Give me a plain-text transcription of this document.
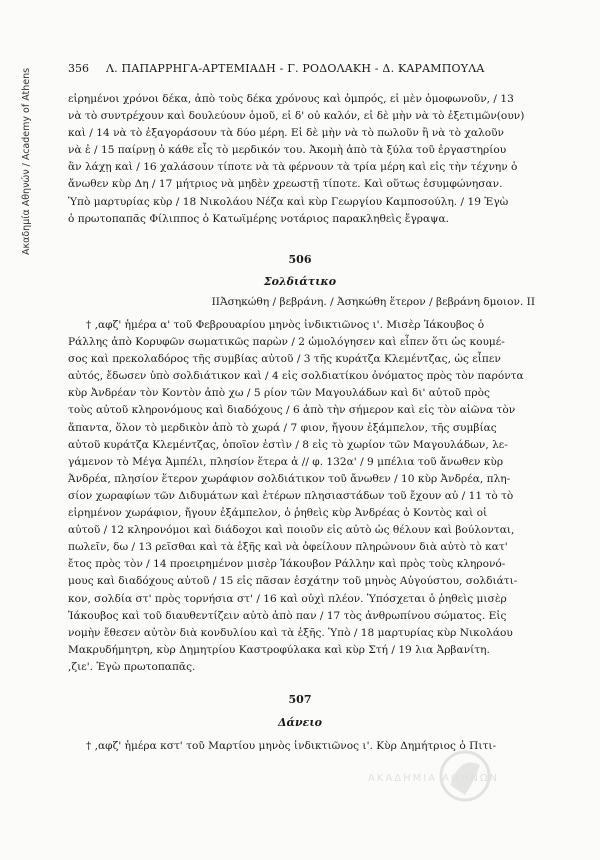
Ακαδημία Αθηνών / Academy of Athens	356 Λ. ΠΑΠΑΡΡΗΓΑ-ΑΡΤΕΜΙΑΔΗ - Γ. ΡΟΔΟΛΑΚΗ - Δ. ΚΑΡΑΜΠΟΥΛΑ
εἰρημένοι χρόνοι δέκα, ἀπὸ τοὺς δέκα χρόνους καὶ ὀμπρός, εἰ μὲν ὁμοφωνοῦν, / 13
νὰ τὸ συντρέχουν καὶ δουλεύουν ὁμοῦ, εἰ δ' οὐ καλόν, εἰ δὲ μὴν νὰ τὸ ἐξετιμῶν(ουν)
καὶ / 14 νὰ τὸ ἐξαγοράσουν τὰ δύο μέρη. Εἰ δὲ μὴν νὰ τὸ πωλοῦν ἢ νὰ τὸ χαλοῦν
νὰ ἐ / 15 παίρνῃ ὁ κάθε εἷς τὸ μερδικόν του. Ἀκομὴ ἀπὸ τὰ ξύλα τοῦ ἐργαστηρίου
ἂν λάχῃ καὶ / 16 χαλάσουν τίποτε νὰ τὰ φέρνουν τὰ τρία μέρη καὶ εἰς τὴν τέχνην ὁ
ἄνωθεν κὺρ Δη / 17 μήτριος νὰ μηδὲν χρεωστῇ τίποτε. Καὶ οὕτως ἐσυμφώνησαν.
Ὑπὸ μαρτυρίας κὺρ / 18 Νικολάου Νέζα καὶ κὺρ Γεωργίου Καμποσούλη. / 19 Ἐγὼ
ὁ πρωτοπαπᾶς Φίλιππος ὁ Κατωϊμέρης νοτάριος παρακληθεὶς ἔγραψα.
506
Σολδιάτικο
ΙΙἈσηκώθη / βεβράνη. / Ἀσηκώθη ἕτερον / βεβράνη δμοιον. ΙΙ
† ,αφζ' ἡμέρα α' τοῦ Φεβρουαρίου μηνὸς ἰνδικτιῶνος ι'. Μισὲρ Ἰάκουβος ὁ
Ράλλης ἀπὸ Κορυφῶν σωματικῶς παρὼν / 2 ὡμολόγησεν καὶ εἶπεν ὅτι ὡς κουμέ-
σος καὶ πρεκολαδόρος τῆς συμβίας αὐτοῦ / 3 τῆς κυράτζα Κλεμέντζας, ὡς εἶπεν
αὐτός, ἔδωσεν ὑπὸ σολδιάτικον καὶ / 4 εἰς σολδιατίκου ὀνόματος πρὸς τὸν παρόντα
κὺρ Ἀνδρέαν τὸν Κοντὸν ἀπὸ χω / 5 ρίον τῶν Μαγουλάδων καὶ δι' αὐτοῦ πρὸς
τοὺς αὐτοῦ κληρονόμους καὶ διαδόχους / 6 ἀπὸ τὴν σήμερον καὶ εἰς τὸν αἰῶνα τὸν
ἅπαντα, ὅλον τὸ μερδικὸν ἀπὸ τὸ χωρά / 7 φιον, ἤγουν ἐξάμπελον, τῆς συμβίας
αὐτοῦ κυράτζα Κλεμέντζας, ὁποῖον ἐστὶν / 8 εἰς τὸ χωρίον τῶν Μαγουλάδων, λε-
γάμενον τὸ Μέγα Ἀμπέλι, πλησίον ἕτερα ἀ // φ. 132α' / 9 μπέλια τοῦ ἄνωθεν κὺρ
Ἀνδρέα, πλησίον ἕτερον χωράφιον σολδιάτικον τοῦ ἄνωθεν / 10 κὺρ Ἀνδρέα, πλη-
σίον χωραφίων τῶν Διδυμάτων καὶ ἑτέρων πλησιαστάδων τοῦ ἔχουν αὐ / 11 τὸ τὸ
εἰρημένον χωράφιον, ἤγουν ἐξάμπελον, ὁ ῥηθεὶς κὺρ Ἀνδρέας ὁ Κοντὸς καὶ οἱ
αὐτοῦ / 12 κληρονόμοι καὶ διάδοχοι καὶ ποιοῦν εἰς αὐτὸ ὡς θέλουν καὶ βούλονται,
πωλεῖν, δω / 13 ρεῖσθαι καὶ τὰ ἑξῆς καὶ νὰ ὀφείλουν πληρώνουν διὰ αὐτὸ τὸ κατ'
ἔτος πρὸς τὸν / 14 προειρημένον μισὲρ Ἰάκουβον Ράλλην καὶ πρὸς τοὺς κληρονό-
μους καὶ διαδόχους αὐτοῦ / 15 εἰς πᾶσαν ἐσχάτην τοῦ μηνὸς Αὐγούστου, σολδιάτι-
κον, σολδία στ' πρὸς τορνήσια στ' / 16 καὶ οὐχὶ πλέον. Ὑπόσχεται ὁ ῥηθεὶς μισὲρ
Ἰάκουβος καὶ τοῦ διαυθεντίζειν αὐτὸ ἀπὸ παν / 17 τὸς ἀνθρωπίνου σώματος. Εἰς
νομὴν ἔθεσεν αὐτὸν διὰ κονδυλίου καὶ τὰ ἑξῆς. Ὑπὸ / 18 μαρτυρίας κὺρ Νικολάου
Μακρυδήμητρη, κὺρ Δημητρίου Καστροφύλακα καὶ κὺρ Στή / 19 λια Ἀρβανίτη.
,ζιε'. Ἐγὼ πρωτοπαπᾶς.
507
Δάνειο
† ,αφζ' ἡμέρα κστ' τοῦ Μαρτίου μηνὸς ἰνδικτιῶνος ι'. Κὺρ Δημήτριος ὁ Πιτι-
ΑΚΑΔΗΜΙΑ ΑΘΗΝΩΝ
